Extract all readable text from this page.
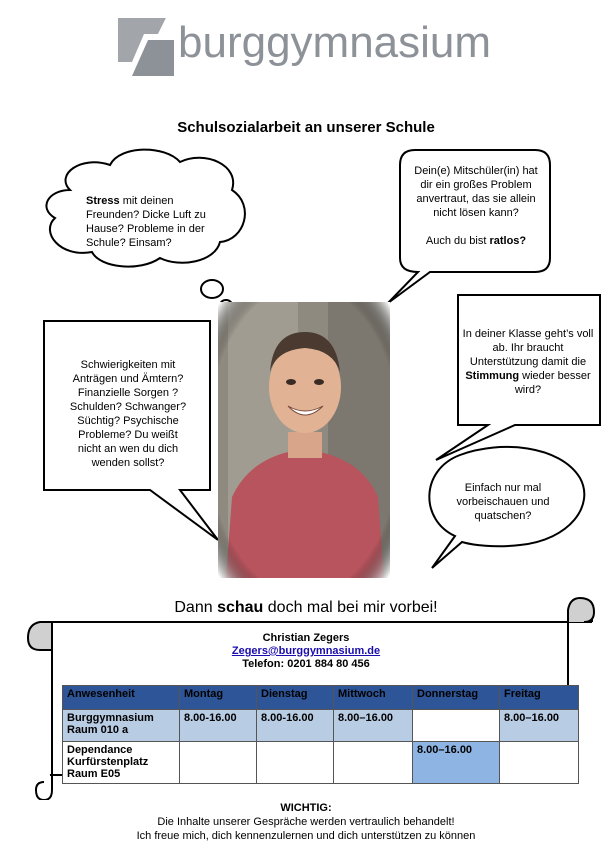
burggymnasium
Schulsozialarbeit an unserer Schule
Stress mit deinen Freunden? Dicke Luft zu Hause? Probleme in der Schule? Einsam?
Dein(e) Mitschüler(in) hat dir ein großes Problem anvertraut, das sie allein nicht lösen kann?
Auch du bist ratlos?
Schwierigkeiten mit Anträgen und Ämtern? Finanzielle Sorgen ? Schulden? Schwanger? Süchtig? Psychische Probleme? Du weißt nicht an wen du dich wenden sollst?
In deiner Klasse geht’s voll ab. Ihr braucht Unterstützung damit die Stimmung wieder besser wird?
Einfach nur mal vorbeischauen und quatschen?
Dann schau doch mal bei mir vorbei!
Christian Zegers
Zegers@burggymnasium.de
Telefon: 0201 884 80 456
Anwesenheit	Montag	Dienstag	Mittwoch	Donnerstag	Freitag
Burggymnasium Raum 010 a	8.00-16.00	8.00-16.00	8.00–16.00		8.00–16.00
Dependance Kurfürstenplatz Raum E05				8.00–16.00	
WICHTIG:
Die Inhalte unserer Gespräche werden vertraulich behandelt!
Ich freue mich, dich kennenzulernen und dich unterstützen zu können
